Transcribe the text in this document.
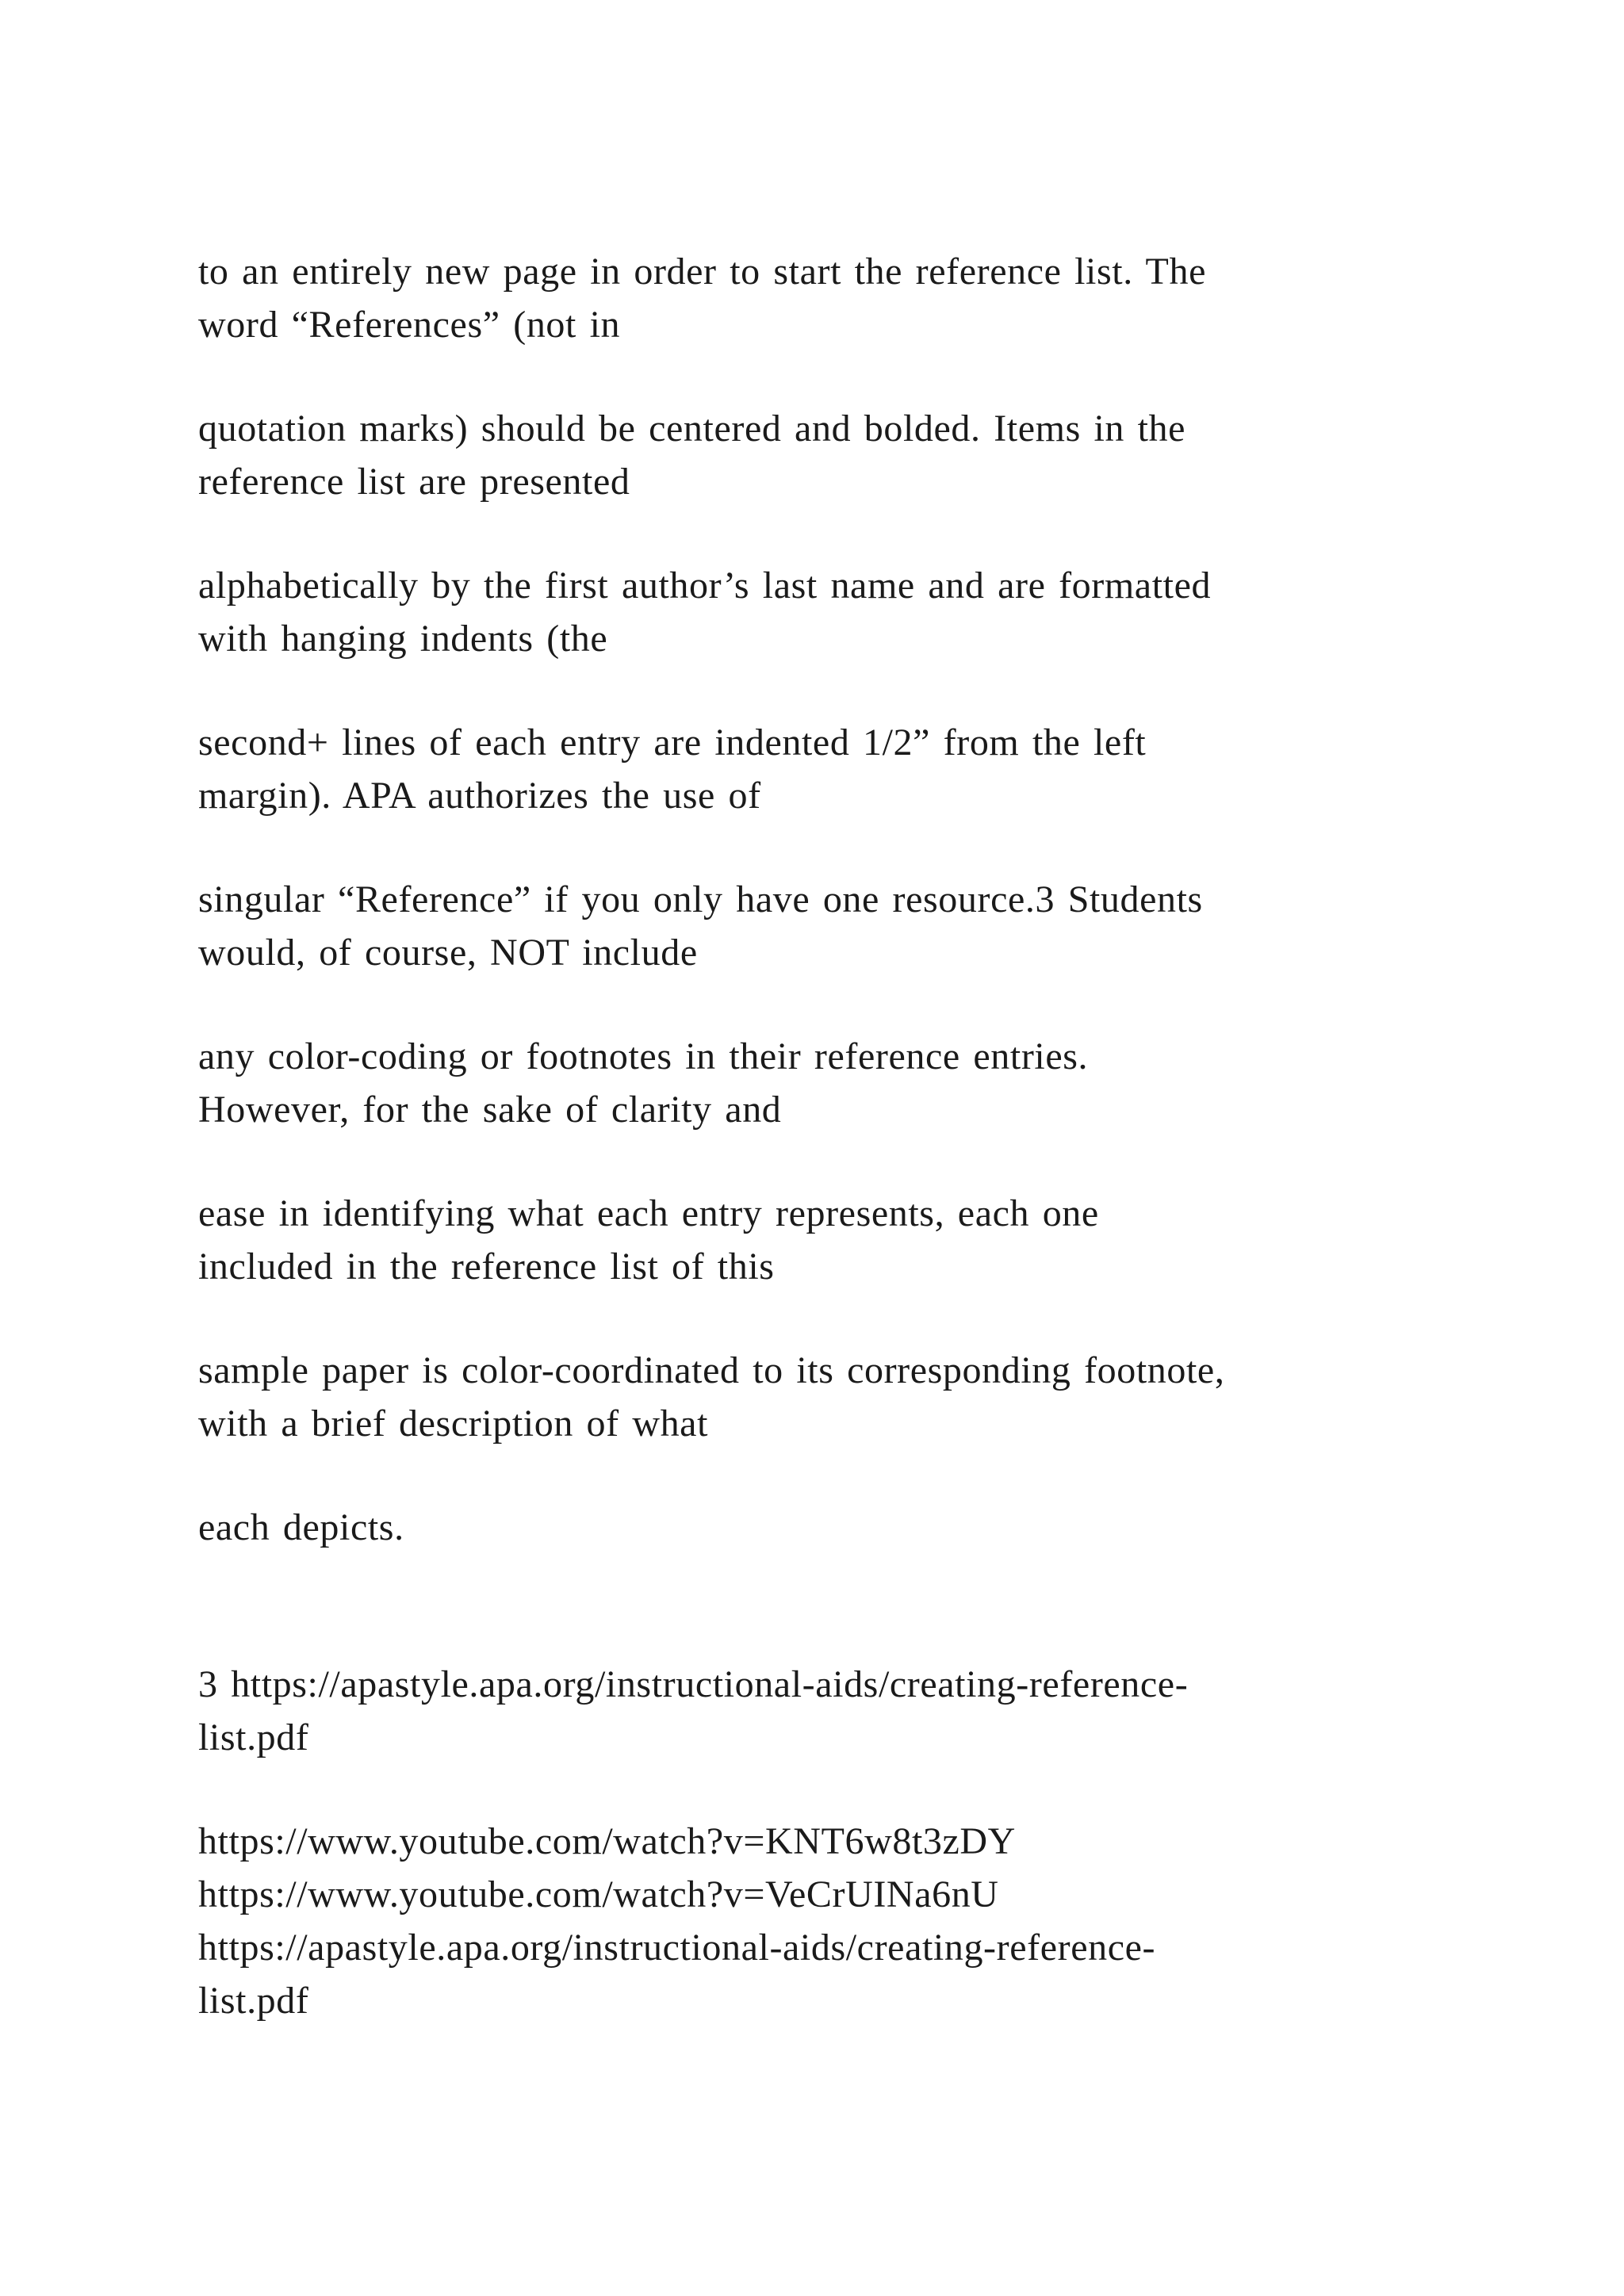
to an entirely new page in order to start the reference list. The
word “References” (not in
quotation marks) should be centered and bolded. Items in the
reference list are presented
alphabetically by the first author’s last name and are formatted
with hanging indents (the
second+ lines of each entry are indented 1/2” from the left
margin). APA authorizes the use of
singular “Reference” if you only have one resource.3 Students
would, of course, NOT include
any color-coding or footnotes in their reference entries.
However, for the sake of clarity and
ease in identifying what each entry represents, each one
included in the reference list of this
sample paper is color-coordinated to its corresponding footnote,
with a brief description of what
each depicts.
3 https://apastyle.apa.org/instructional-aids/creating-reference-
list.pdf
https://www.youtube.com/watch?v=KNT6w8t3zDY
https://www.youtube.com/watch?v=VeCrUINa6nU
https://apastyle.apa.org/instructional-aids/creating-reference-
list.pdf
